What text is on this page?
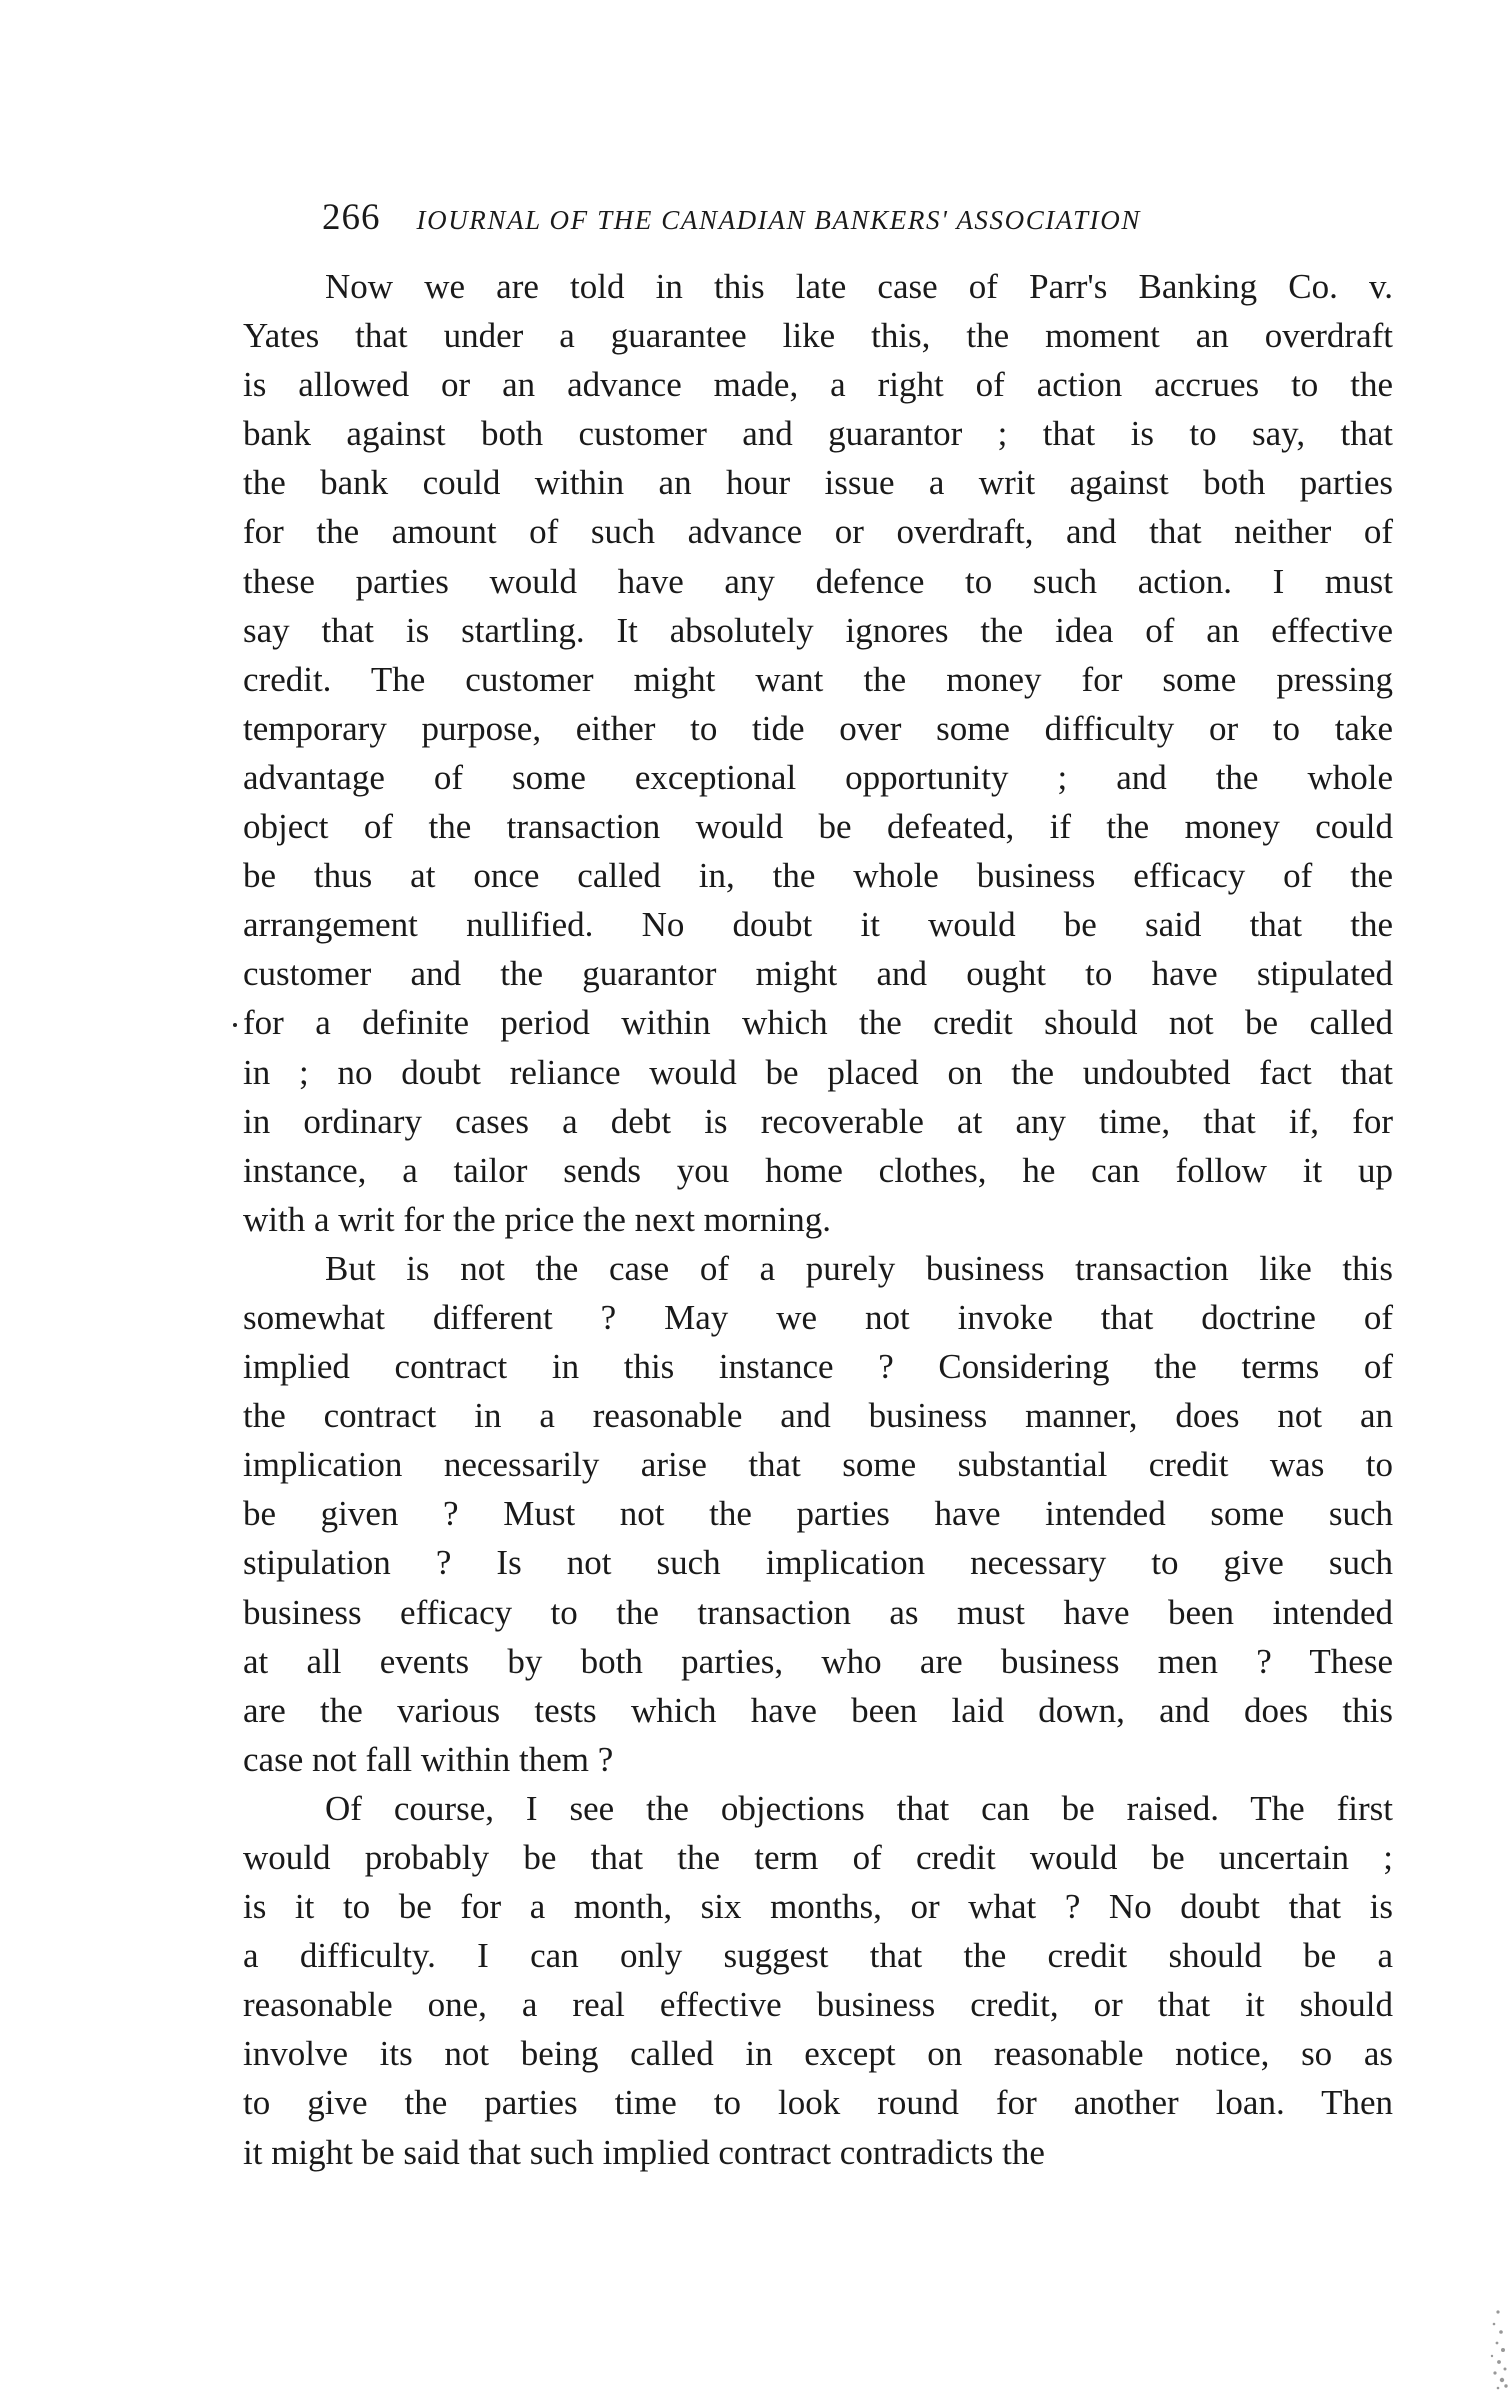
266 IOURNAL OF THE CANADIAN BANKERS' ASSOCIATION
Now we are told in this late case of Parr's Banking Co. v.
Yates that under a guarantee like this, the moment an overdraft
is allowed or an advance made, a right of action accrues to the
bank against both customer and guarantor ; that is to say, that
the bank could within an hour issue a writ against both parties
for the amount of such advance or overdraft, and that neither of
these parties would have any defence to such action. I must
say that is startling. It absolutely ignores the idea of an effective
credit. The customer might want the money for some pressing
temporary purpose, either to tide over some difficulty or to take
advantage of some exceptional opportunity ; and the whole
object of the transaction would be defeated, if the money could
be thus at once called in, the whole business efficacy of the
arrangement nullified. No doubt it would be said that the
customer and the guarantor might and ought to have stipulated
for a definite period within which the credit should not be called
in ; no doubt reliance would be placed on the undoubted fact that
in ordinary cases a debt is recoverable at any time, that if, for
instance, a tailor sends you home clothes, he can follow it up
with a writ for the price the next morning.
But is not the case of a purely business transaction like this
somewhat different ? May we not invoke that doctrine of
implied contract in this instance ? Considering the terms of
the contract in a reasonable and business manner, does not an
implication necessarily arise that some substantial credit was to
be given ? Must not the parties have intended some such
stipulation ? Is not such implication necessary to give such
business efficacy to the transaction as must have been intended
at all events by both parties, who are business men ? These
are the various tests which have been laid down, and does this
case not fall within them ?
Of course, I see the objections that can be raised. The first
would probably be that the term of credit would be uncertain ;
is it to be for a month, six months, or what ? No doubt that is
a difficulty. I can only suggest that the credit should be a
reasonable one, a real effective business credit, or that it should
involve its not being called in except on reasonable notice, so as
to give the parties time to look round for another loan. Then
it might be said that such implied contract contradicts the
